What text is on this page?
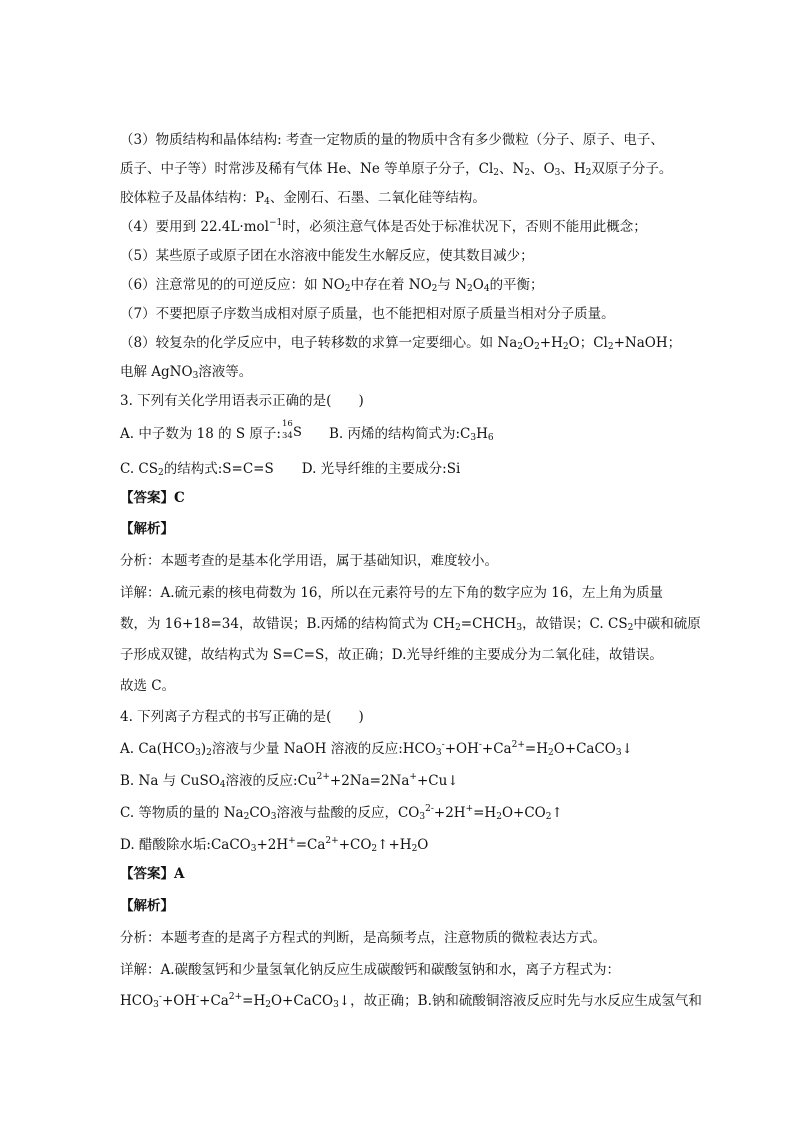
（3）物质结构和晶体结构: 考查一定物质的量的物质中含有多少微粒（分子、原子、电子、
质子、中子等）时常涉及稀有气体 He、Ne 等单原子分子，$Cl_2$、$N_2$、$O_3$、$H_2$双原子分子。
胶体粒子及晶体结构：$P_4$、金刚石、石墨、二氧化硅等结构。
（4）要用到 22.4L·mol$^{-1}$时，必须注意气体是否处于标准状况下，否则不能用此概念；
（5）某些原子或原子团在水溶液中能发生水解反应，使其数目减少；
（6）注意常见的的可逆反应：如 $NO_2$中存在着 $NO_2$与 $N_2O_4$的平衡；
（7）不要把原子序数当成相对原子质量，也不能把相对原子质量当相对分子质量。
（8）较复杂的化学反应中，电子转移数的求算一定要细心。如 $Na_2O_2+H_2O$；$Cl_2+NaOH$；
电解 AgNO$_3$溶液等。
3. 下列有关化学用语表示正确的是(　　)
A. 中子数为 18 的 S 原子:
16
34 S B. 丙烯的结构简式为$:C_3H_6$
C. $CS_2$的结构式:S=C=S D. 光导纤维的主要成分:Si
【答案】C
【解析】
分析：本题考查的是基本化学用语，属于基础知识，难度较小。
详解：A.硫元素的核电荷数为 16，所以在元素符号的左下角的数字应为 16，左上角为质量
数，为 16+18=34，故错误；B.丙烯的结构简式为 $CH_2=CHCH_3$，故错误；C. $CS_2$中碳和硫原
子形成双键，故结构式为 S=C=S，故正确；D.光导纤维的主要成分为二氧化硅，故错误。
故选 C。
4. 下列离子方程式的书写正确的是(　　)
A. $Ca(HCO_3)_2$溶液与少量 NaOH 溶液的反应$:HCO_3^-+OH^-+Ca^{2+}=H_2O+CaCO_3↓$
B. Na 与 CuSO$_4$溶液的反应$:Cu^{2+}+2Na=2Na^++Cu↓$
C. 等物质的量的 $Na_2CO_3$溶液与盐酸的反应，$CO_3^{2-}+2H^+=H_2O+CO_2↑$
D. 醋酸除水垢$:CaCO_3+2H^+=Ca^{2+}+CO_2↑+H_2O$
【答案】A
【解析】
分析：本题考查的是离子方程式的判断，是高频考点，注意物质的微粒表达方式。
详解：A.碳酸氢钙和少量氢氧化钠反应生成碳酸钙和碳酸氢钠和水，离子方程式为：
$HCO_3^-+OH^-+Ca^{2+}=H_2O+CaCO_3↓$，故正确；B.钠和硫酸铜溶液反应时先与水反应生成氢气和
